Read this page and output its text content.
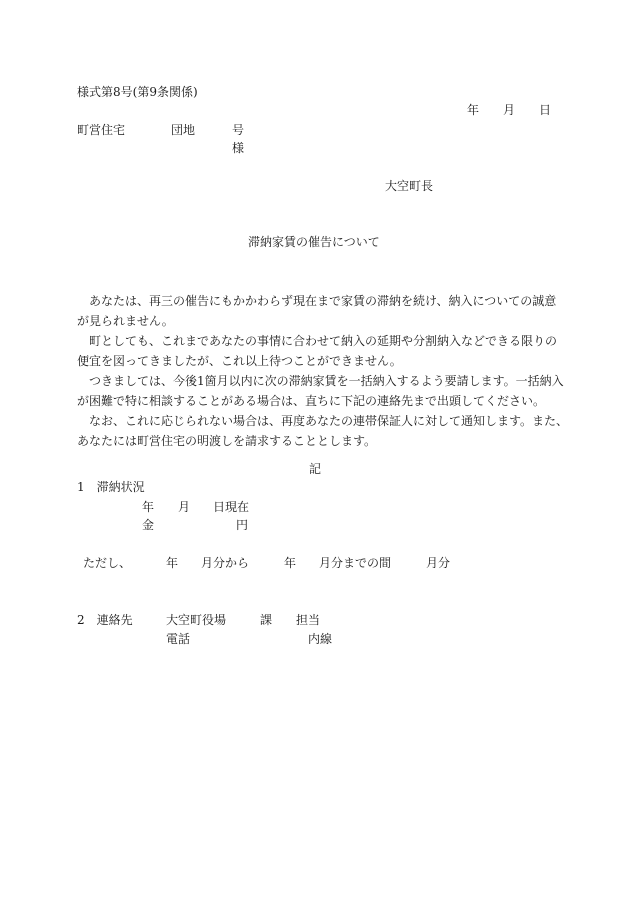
様式第8号(第9条関係)
年 月 日
町営住宅	団地	号
様
大空町長
滞納家賃の催告について
　あなたは、再三の催告にもかかわらず現在まで家賃の滞納を続け、納入についての誠意
が見られません。
　町としても、これまであなたの事情に合わせて納入の延期や分割納入などできる限りの
便宜を図ってきましたが、これ以上待つことができません。
　つきましては、今後1箇月以内に次の滞納家賃を一括納入するよう要請します。一括納入
が困難で特に相談することがある場合は、直ちに下記の連絡先まで出頭してください。
　なお、これに応じられない場合は、再度あなたの連帯保証人に対して通知します。また、
あなたには町営住宅の明渡しを請求することとします。
記
1　滞納状況
年 月 日現在
金	円
ただし、	年 月分から	年 月分までの間	月分
2　連絡先	大空町役場	課 担当
電話	内線
